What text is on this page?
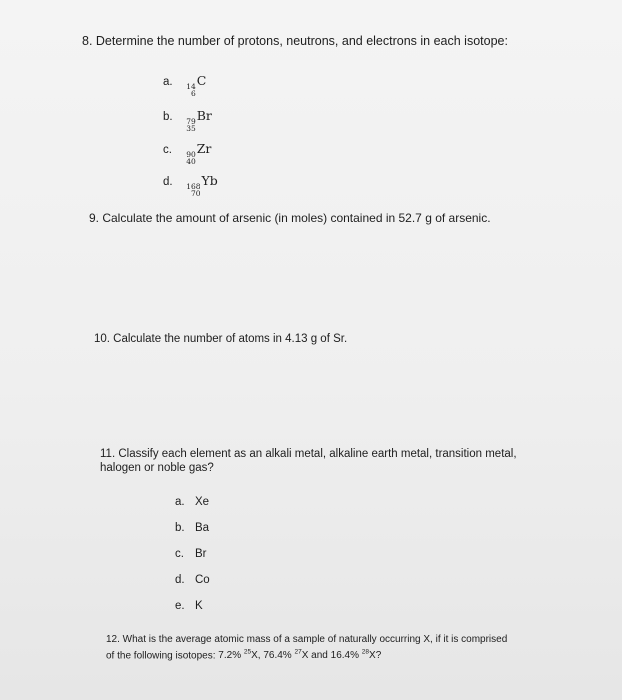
8. Determine the number of protons, neutrons, and electrons in each isotope:
a. 14
6
C
b. 79
35
Br
c. 90
40
Zr
d. 168
70
Yb
9. Calculate the amount of arsenic (in moles) contained in 52.7 g of arsenic.
10. Calculate the number of atoms in 4.13 g of Sr.
11. Classify each element as an alkali metal, alkaline earth metal, transition metal, halogen or noble gas?
a. Xe
b. Ba
c. Br
d. Co
e. K
12. What is the average atomic mass of a sample of naturally occurring X, if it is comprised
of the following isotopes: 7.2% $^{25}$X, 76.4% $^{27}$X and 16.4% $^{28}$X?
